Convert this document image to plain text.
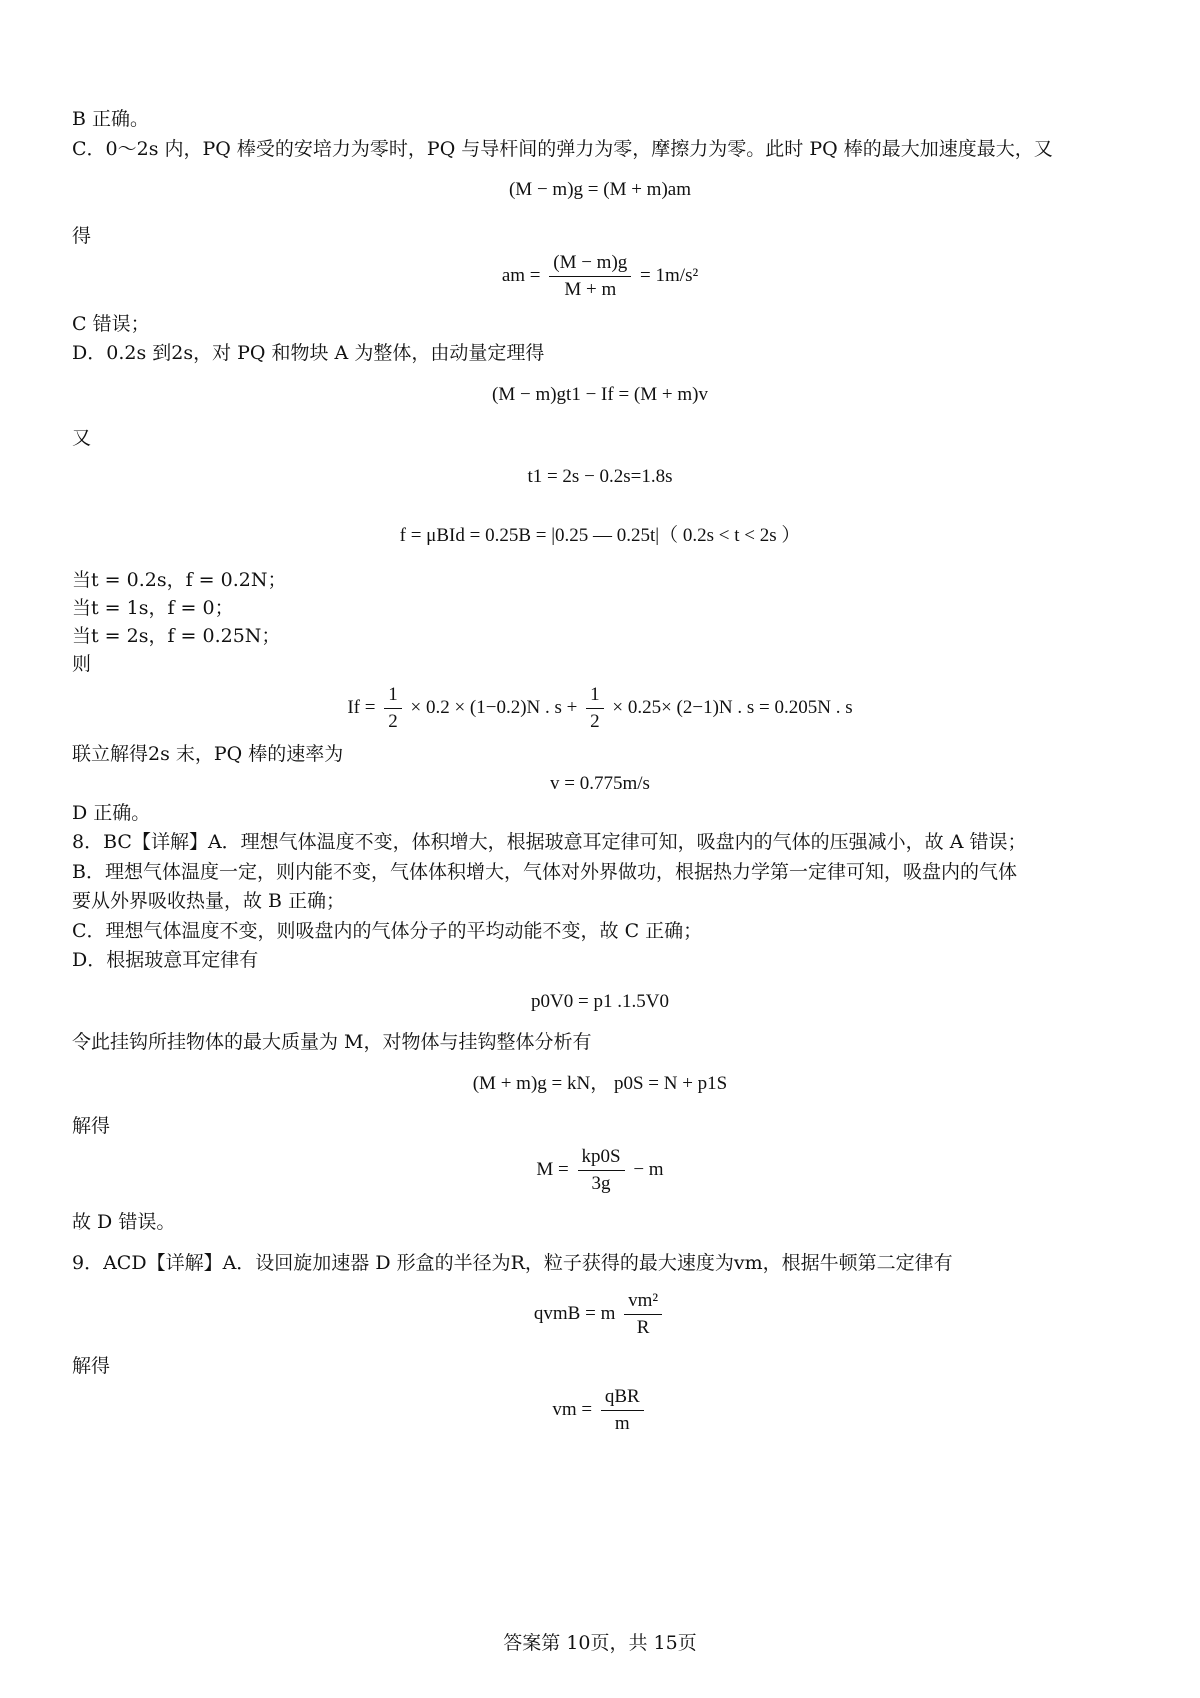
B 正确。
C．0～2s 内，PQ 棒受的安培力为零时，PQ 与导杆间的弹力为零，摩擦力为零。此时 PQ 棒的最大加速度最大，又
(M − m)g = (M + m)am
得
am = $\frac{(M - m)g}{M + m} = 1m/s^2$
C 错误；
D．0.2s 到2s，对 PQ 和物块 A 为整体，由动量定理得
(M − m)gt1 − If = (M + m)v
又
t1 = 2s − 0.2s=1.8s
f = μBId = 0.25B = |0.25 — 0.25t|（ 0.2s < t < 2s ）
当t = 0.2s，f = 0.2N；
当t = 1s，f = 0；
当t = 2s，f = 0.25N；
则
$If = \frac{1}{2} \times 0.2 \times (1-0.2)N$ . $s + \frac{1}{2} \times 0.25\times (2-1)N$ . s = 0.205N . s
联立解得2s 末，PQ 棒的速率为
v = 0.775m/s
D 正确。
8．BC【详解】A．理想气体温度不变，体积增大，根据玻意耳定律可知，吸盘内的气体的压强减小，故 A 错误；
B．理想气体温度一定，则内能不变，气体体积增大，气体对外界做功，根据热力学第一定律可知，吸盘内的气体
要从外界吸收热量，故 B 正确；
C．理想气体温度不变，则吸盘内的气体分子的平均动能不变，故 C 正确；
D．根据玻意耳定律有
p0V0 = p1 .1.5V0
令此挂钩所挂物体的最大质量为 M，对物体与挂钩整体分析有
(M + m)g = kN， p0S = N + p1S
解得
$M = \frac{kp0S}{3g} - m$
故 D 错误。
9．ACD【详解】A．设回旋加速器 D 形盒的半径为R，粒子获得的最大速度为vm，根据牛顿第二定律有
qvmB = m $\frac{\text{vm²}}{R}$
解得
vm = $\frac{\text{qBR}}{m}$
答案第 10页，共 15页
